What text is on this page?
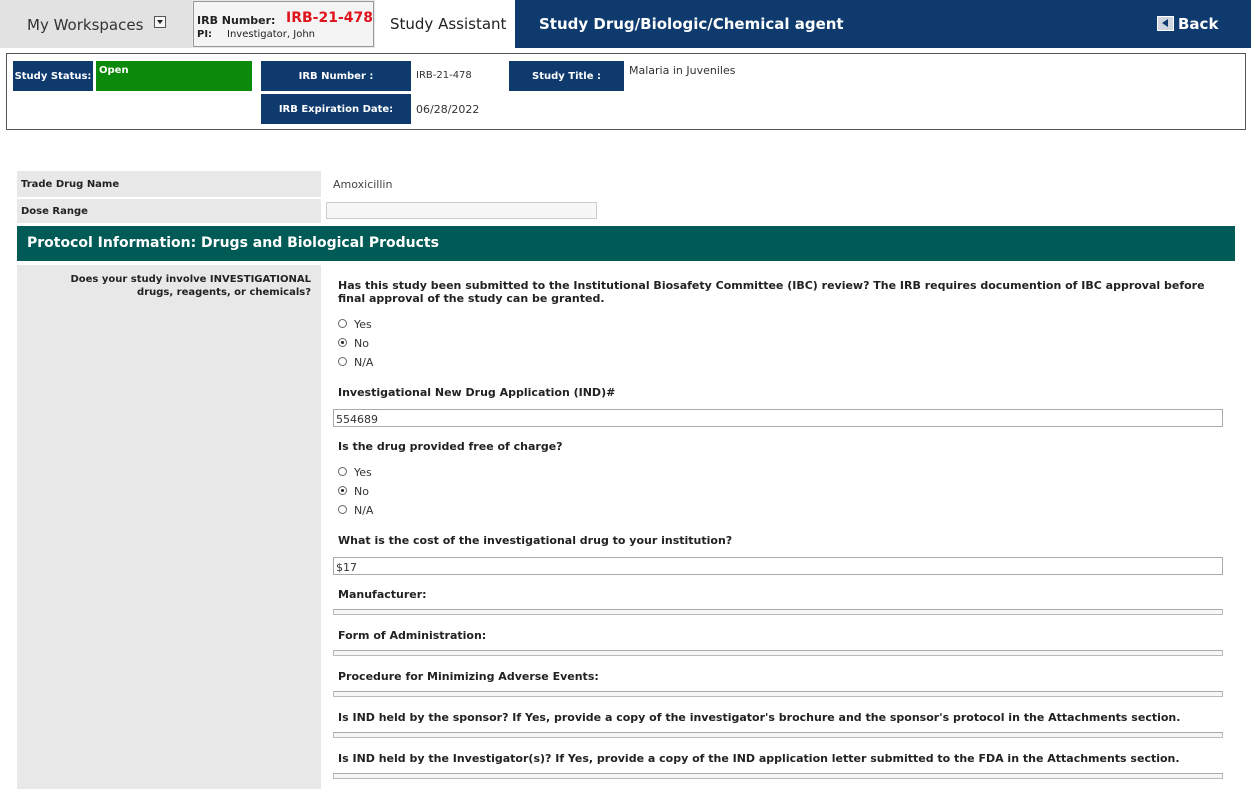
My Workspaces	IRB Number: IRB-21-478
PI: Investigator, John
Study Assistant Study Drug/Biologic/Chemical agent	Back
Study Status: Open	IRB Number :	IRB-21-478	Study Title :	Malaria in Juveniles
IRB Expiration Date: 06/28/2022
Trade Drug Name	Amoxicillin
Dose Range
Protocol Information: Drugs and Biological Products
Does your study involve INVESTIGATIONAL drugs, reagents, or chemicals?
Has this study been submitted to the Institutional Biosafety Committee (IBC) review? The IRB requires documention of IBC approval before final approval of the study can be granted.
Yes
No
N/A
Investigational New Drug Application (IND)#
554689
Is the drug provided free of charge?
Yes
No
N/A
What is the cost of the investigational drug to your institution?
$17
Manufacturer:
Form of Administration:
Procedure for Minimizing Adverse Events:
Is IND held by the sponsor? If Yes, provide a copy of the investigator's brochure and the sponsor's protocol in the Attachments section.
Is IND held by the Investigator(s)? If Yes, provide a copy of the IND application letter submitted to the FDA in the Attachments section.
